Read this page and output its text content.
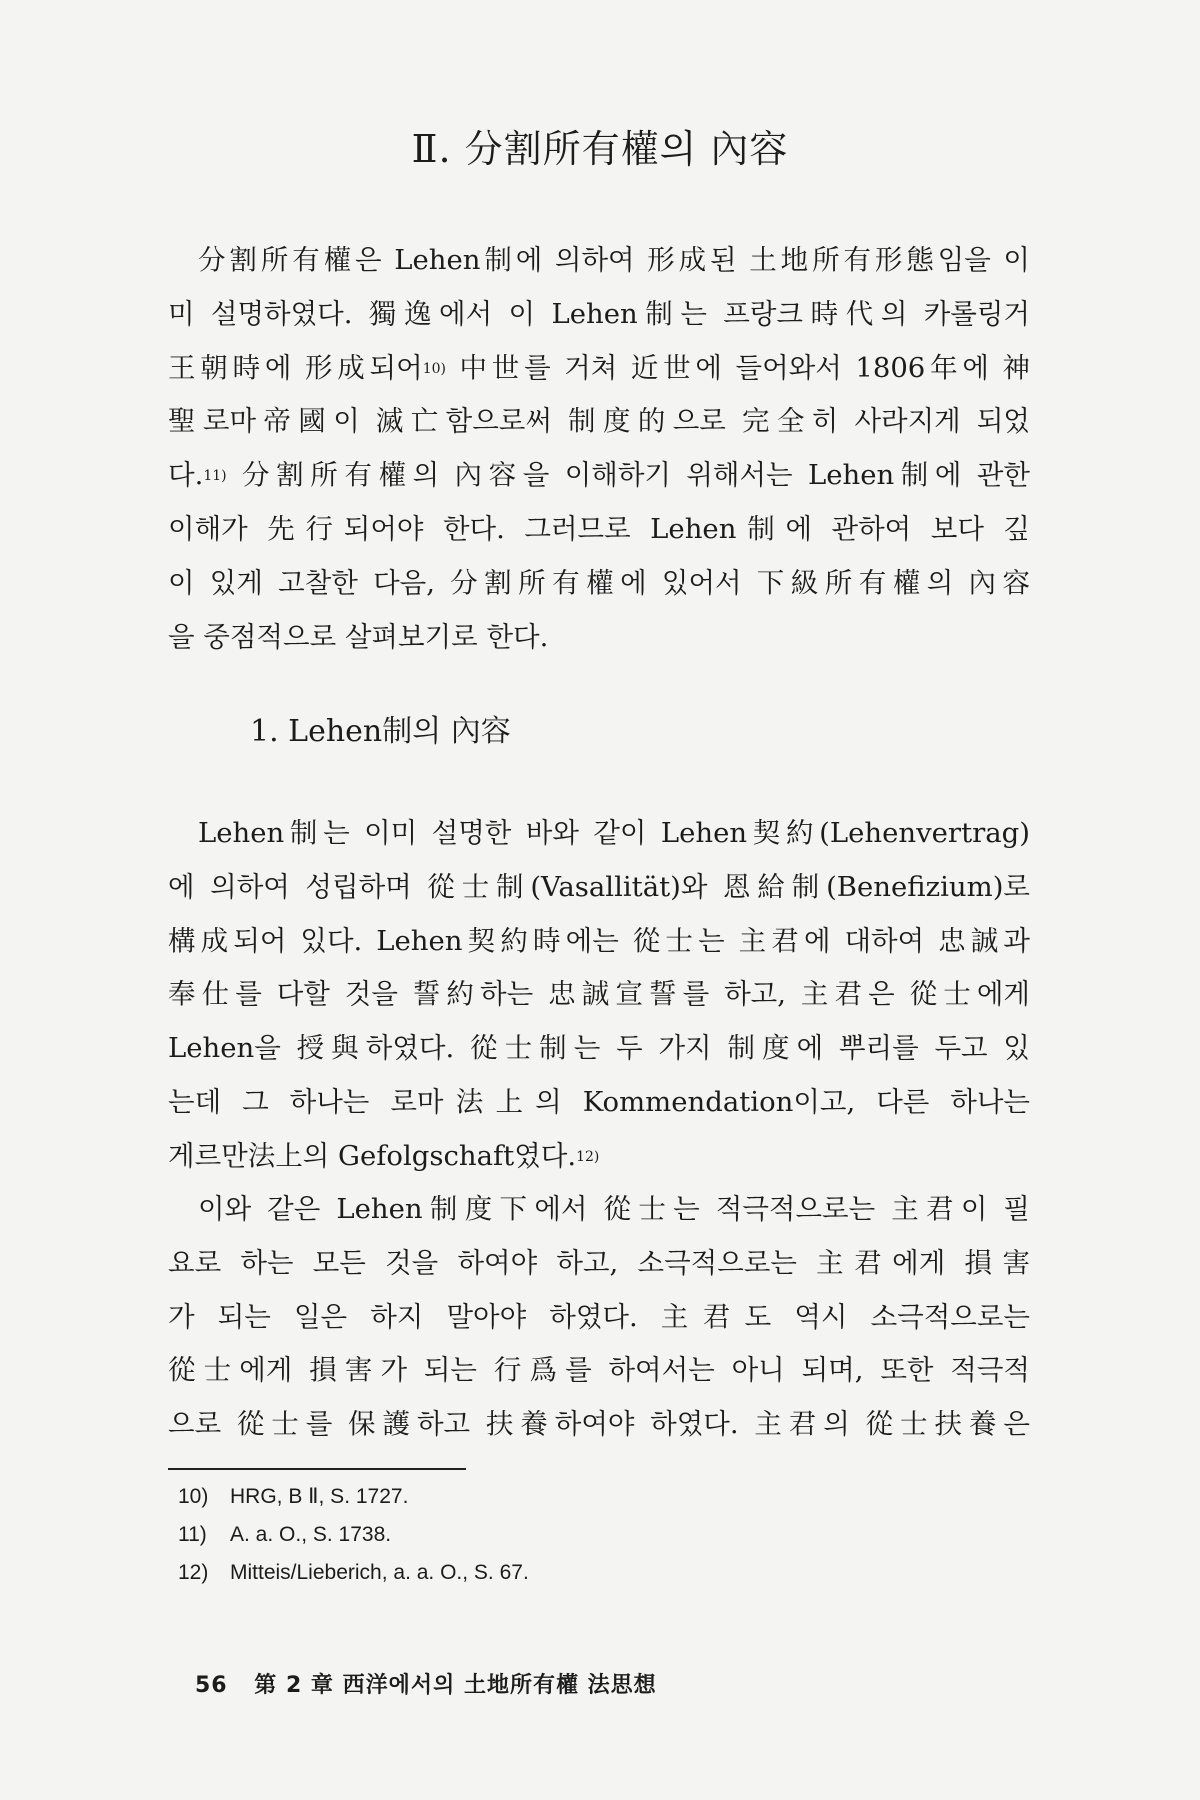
Ⅱ. 分割所有權의 內容

分割所有權은 Lehen制에 의하여 形成된 土地所有形態임을 이

미 설명하였다. 獨逸에서 이 Lehen制는 프랑크時代의 카롤링거

王朝時에 形成되어$^{10)}$ 中世를 거쳐 近世에 들어와서 1806年에 神

聖로마帝國이 滅亡함으로써 制度的으로 完全히 사라지게 되었

다.$^{11)}$ 分割所有權의 內容을 이해하기 위해서는 Lehen制에 관한

이해가 先行되어야 한다. 그러므로 Lehen制에 관하여 보다 깊

이 있게 고찰한 다음, 分割所有權에 있어서 下級所有權의 內容

을 중점적으로 살펴보기로 한다.

1. Lehen制의 內容

Lehen制는 이미 설명한 바와 같이 Lehen契約(Lehenvertrag)

에 의하여 성립하며 從士制(Vasallität)와 恩給制(Benefizium)로

構成되어 있다. Lehen契約時에는 從士는 主君에 대하여 忠誠과

奉仕를 다할 것을 誓約하는 忠誠宣誓를 하고, 主君은 從士에게

Lehen을 授與하였다. 從士制는 두 가지 制度에 뿌리를 두고 있

는데 그 하나는 로마法上의 Kommendation이고, 다른 하나는

게르만法上의 Gefolgschaft였다.$^{12)}$

이와 같은 Lehen制度下에서 從士는 적극적으로는 主君이 필

요로 하는 모든 것을 하여야 하고, 소극적으로는 主君에게 損害

가 되는 일은 하지 말아야 하였다. 主君도 역시 소극적으로는

從士에게 損害가 되는 行爲를 하여서는 아니 되며, 또한 적극적

으로 從士를 保護하고 扶養하여야 하였다. 主君의 從士扶養은

10) HRG, B Ⅱ, S. 1727.
11) A. a. O., S. 1738.
12) Mitteis/Lieberich, a. a. O., S. 67.
56 第 2 章 西洋에서의 土地所有權 法思想
